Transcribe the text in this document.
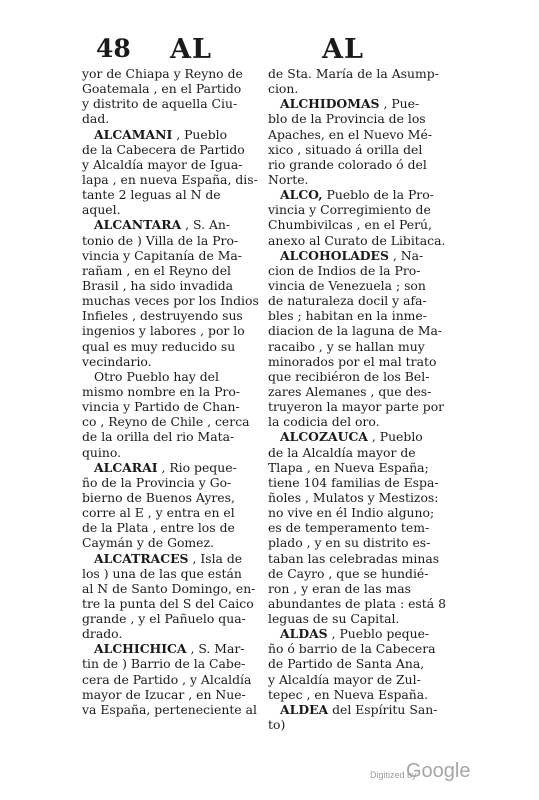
48 AL	AL
yor de Chiapa y Reyno de
Goatemala , en el Partido
y distrito de aquella Ciu-
dad.
ALCAMANI , Pueblo
de la Cabecera de Partido
y Alcaldía mayor de Igua-
lapa , en nueva España, dis-
tante 2 leguas al N de
aquel.
ALCANTARA , S. An-
tonio de ) Villa de la Pro-
vincia y Capitanía de Ma-
rañam , en el Reyno del
Brasil , ha sido invadida
muchas veces por los Indios
Infieles , destruyendo sus
ingenios y labores , por lo
qual es muy reducido su
vecindario.
Otro Pueblo hay del
mismo nombre en la Pro-
vincia y Partido de Chan-
co , Reyno de Chile , cerca
de la orilla del rio Mata-
quino.
ALCARAI , Rio peque-
ño de la Provincia y Go-
bierno de Buenos Ayres,
corre al E , y entra en el
de la Plata , entre los de
Caymán y de Gomez.
ALCATRACES , Isla de
los ) una de las que están
al N de Santo Domingo, en-
tre la punta del S del Caico
grande , y el Pañuelo qua-
drado.
ALCHICHICA , S. Mar-
tin de ) Barrio de la Cabe-
cera de Partido , y Alcaldía
mayor de Izucar , en Nue-
va España, perteneciente al
de Sta. María de la Asump-
cion.
ALCHIDOMAS , Pue-
blo de la Provincia de los
Apaches, en el Nuevo Mé-
xico , situado á orilla del
rio grande colorado ó del
Norte.
ALCO, Pueblo de la Pro-
vincia y Corregimiento de
Chumbivilcas , en el Perú,
anexo al Curato de Libitaca.
ALCOHOLADES , Na-
cion de Indios de la Pro-
vincia de Venezuela ; son
de naturaleza docil y afa-
bles ; habitan en la inme-
diacion de la laguna de Ma-
racaibo , y se hallan muy
minorados por el mal trato
que recibiéron de los Bel-
zares Alemanes , que des-
truyeron la mayor parte por
la codicia del oro.
ALCOZAUCA , Pueblo
de la Alcaldía mayor de
Tlapa , en Nueva España;
tiene 104 familias de Espa-
ñoles , Mulatos y Mestizos:
no vive en él Indio alguno;
es de temperamento tem-
plado , y en su distrito es-
taban las celebradas minas
de Cayro , que se hundié-
ron , y eran de las mas
abundantes de plata : está 8
leguas de su Capital.
ALDAS , Pueblo peque-
ño ó barrio de la Cabecera
de Partido de Santa Ana,
y Alcaldía mayor de Zul-
tepec , en Nueva España.
ALDEA del Espíritu San-
to)
Digitized by
Google
